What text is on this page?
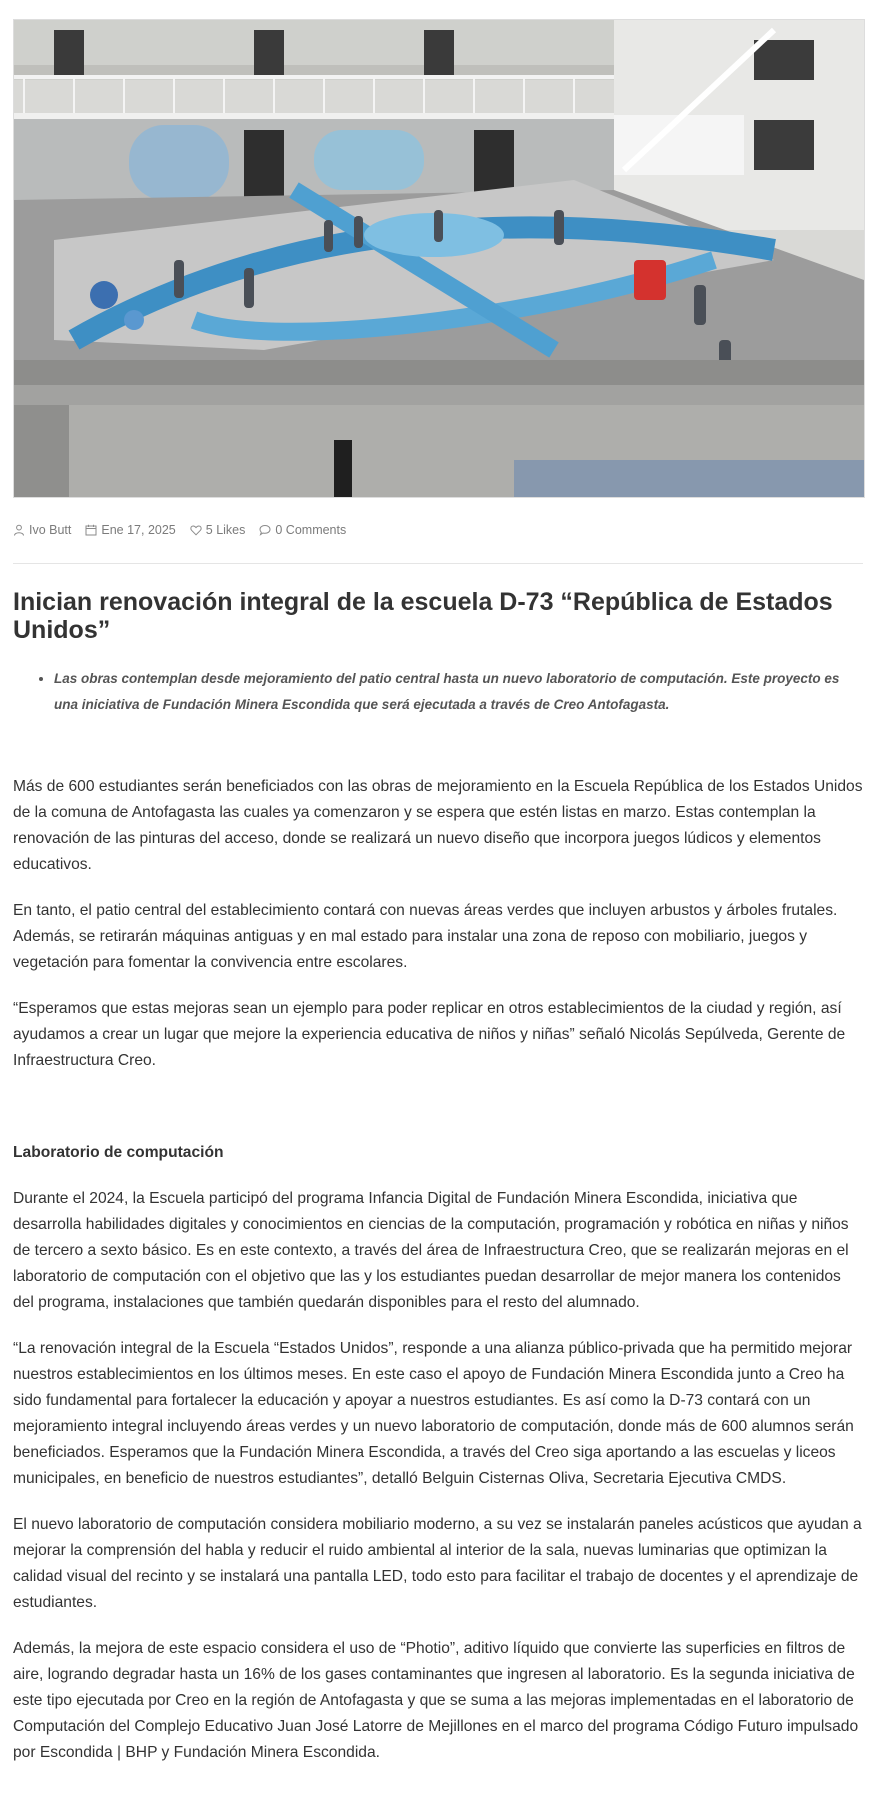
Ivo Butt Ene 17, 2025 5 Likes 0 Comments
Inician renovación integral de la escuela D-73 “República de Estados Unidos”
• Las obras contemplan desde mejoramiento del patio central hasta un nuevo laboratorio de computación. Este proyecto es una iniciativa de Fundación Minera Escondida que será ejecutada a través de Creo Antofagasta.

Más de 600 estudiantes serán beneficiados con las obras de mejoramiento en la Escuela República de los Estados Unidos de la comuna de Antofagasta las cuales ya comenzaron y se espera que estén listas en marzo. Estas contemplan la renovación de las pinturas del acceso, donde se realizará un nuevo diseño que incorpora juegos lúdicos y elementos educativos.

En tanto, el patio central del establecimiento contará con nuevas áreas verdes que incluyen arbustos y árboles frutales. Además, se retirarán máquinas antiguas y en mal estado para instalar una zona de reposo con mobiliario, juegos y vegetación para fomentar la convivencia entre escolares.

“Esperamos que estas mejoras sean un ejemplo para poder replicar en otros establecimientos de la ciudad y región, así ayudamos a crear un lugar que mejore la experiencia educativa de niños y niñas” señaló Nicolás Sepúlveda, Gerente de Infraestructura Creo.

Laboratorio de computación

Durante el 2024, la Escuela participó del programa Infancia Digital de Fundación Minera Escondida, iniciativa que desarrolla habilidades digitales y conocimientos en ciencias de la computación, programación y robótica en niñas y niños de tercero a sexto básico. Es en este contexto, a través del área de Infraestructura Creo, que se realizarán mejoras en el laboratorio de computación con el objetivo que las y los estudiantes puedan desarrollar de mejor manera los contenidos del programa, instalaciones que también quedarán disponibles para el resto del alumnado.

“La renovación integral de la Escuela “Estados Unidos”, responde a una alianza público-privada que ha permitido mejorar nuestros establecimientos en los últimos meses. En este caso el apoyo de Fundación Minera Escondida junto a Creo ha sido fundamental para fortalecer la educación y apoyar a nuestros estudiantes. Es así como la D-73 contará con un mejoramiento integral incluyendo áreas verdes y un nuevo laboratorio de computación, donde más de 600 alumnos serán beneficiados. Esperamos que la Fundación Minera Escondida, a través del Creo siga aportando a las escuelas y liceos municipales, en beneficio de nuestros estudiantes”, detalló Belguin Cisternas Oliva, Secretaria Ejecutiva CMDS.

El nuevo laboratorio de computación considera mobiliario moderno, a su vez se instalarán paneles acústicos que ayudan a mejorar la comprensión del habla y reducir el ruido ambiental al interior de la sala, nuevas luminarias que optimizan la calidad visual del recinto y se instalará una pantalla LED, todo esto para facilitar el trabajo de docentes y el aprendizaje de estudiantes.

Además, la mejora de este espacio considera el uso de “Photio”, aditivo líquido que convierte las superficies en filtros de aire, logrando degradar hasta un 16% de los gases contaminantes que ingresen al laboratorio. Es la segunda iniciativa de este tipo ejecutada por Creo en la región de Antofagasta y que se suma a las mejoras implementadas en el laboratorio de Computación del Complejo Educativo Juan José Latorre de Mejillones en el marco del programa Código Futuro impulsado por Escondida | BHP y Fundación Minera Escondida.
